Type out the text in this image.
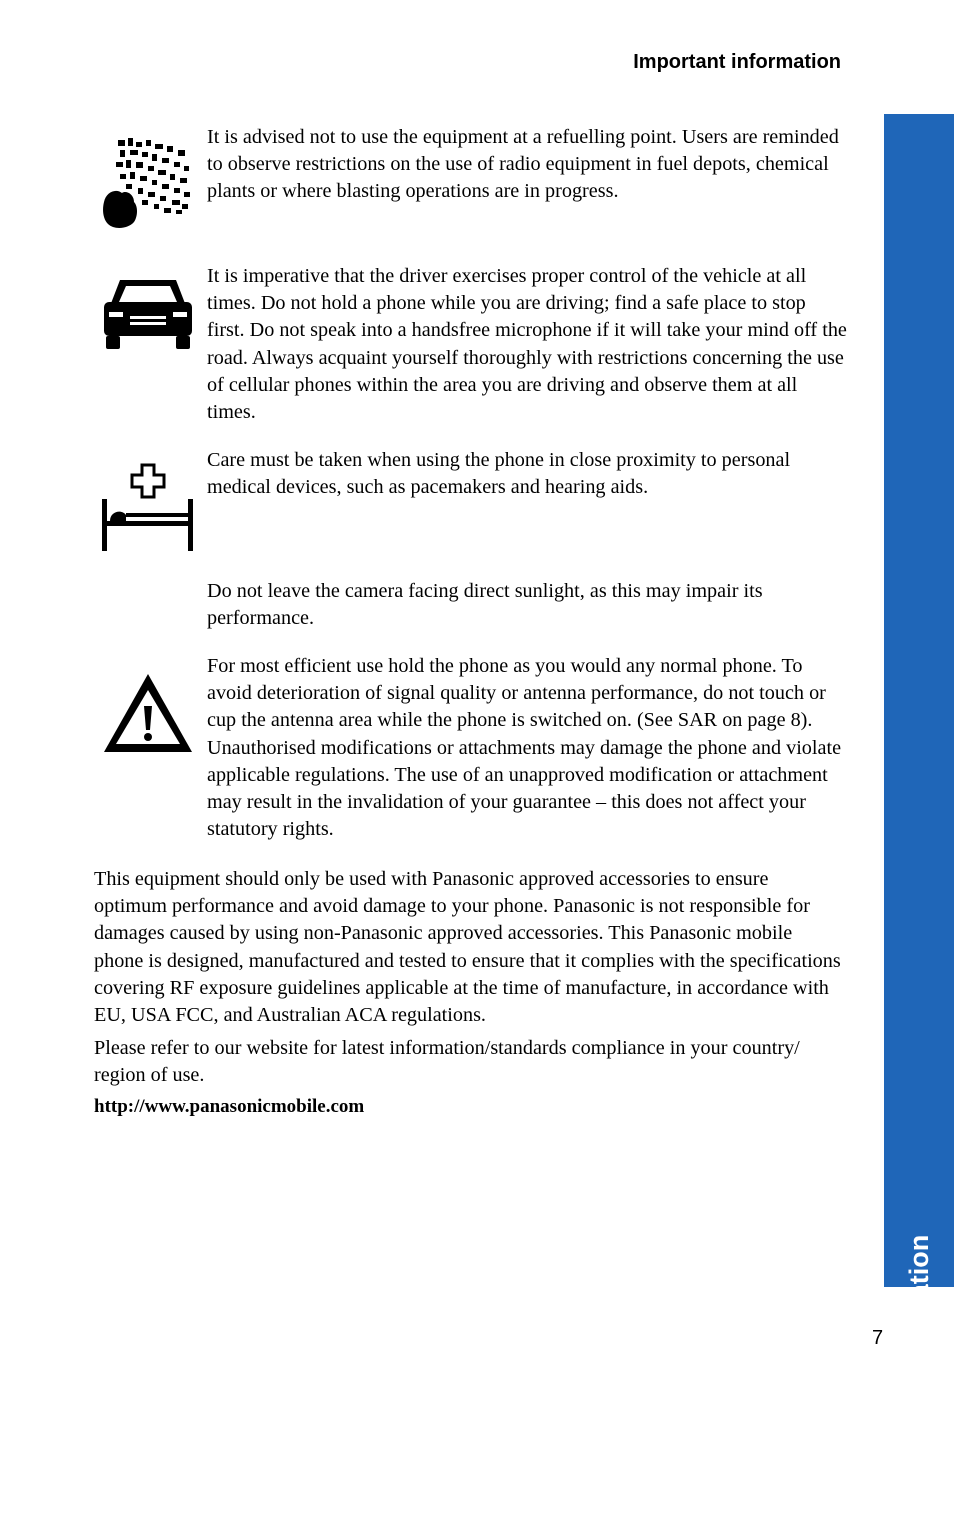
Important information
Important information

It is advised not to use the equipment at a refuelling point. Users are reminded to observe restrictions on the use of radio equipment in fuel depots, chemical plants or where blasting operations are in progress.

It is imperative that the driver exercises proper control of the vehicle at all times. Do not hold a phone while you are driving; find a safe place to stop first. Do not speak into a handsfree microphone if it will take your mind off the road. Always acquaint yourself thoroughly with restrictions concerning the use of cellular phones within the area you are driving and observe them at all times.

Care must be taken when using the phone in close proximity to personal medical devices, such as pacemakers and hearing aids.

Do not leave the camera facing direct sunlight, as this may impair its performance.

For most efficient use hold the phone as you would any normal phone. To avoid deterioration of signal quality or antenna performance, do not touch or cup the antenna area while the phone is switched on. (See SAR on page 8). Unauthorised modifications or attachments may damage the phone and violate applicable regulations. The use of an unapproved modification or attachment may result in the invalidation of your guarantee – this does not affect your statutory rights.

This equipment should only be used with Panasonic approved accessories to ensure optimum performance and avoid damage to your phone. Panasonic is not responsible for damages caused by using non-Panasonic approved accessories. This Panasonic mobile phone is designed, manufactured and tested to ensure that it complies with the specifications covering RF exposure guidelines applicable at the time of manufacture, in accordance with EU, USA FCC, and Australian ACA regulations.

Please refer to our website for latest information/standards compliance in your country/ region of use.

http://www.panasonicmobile.com
7
